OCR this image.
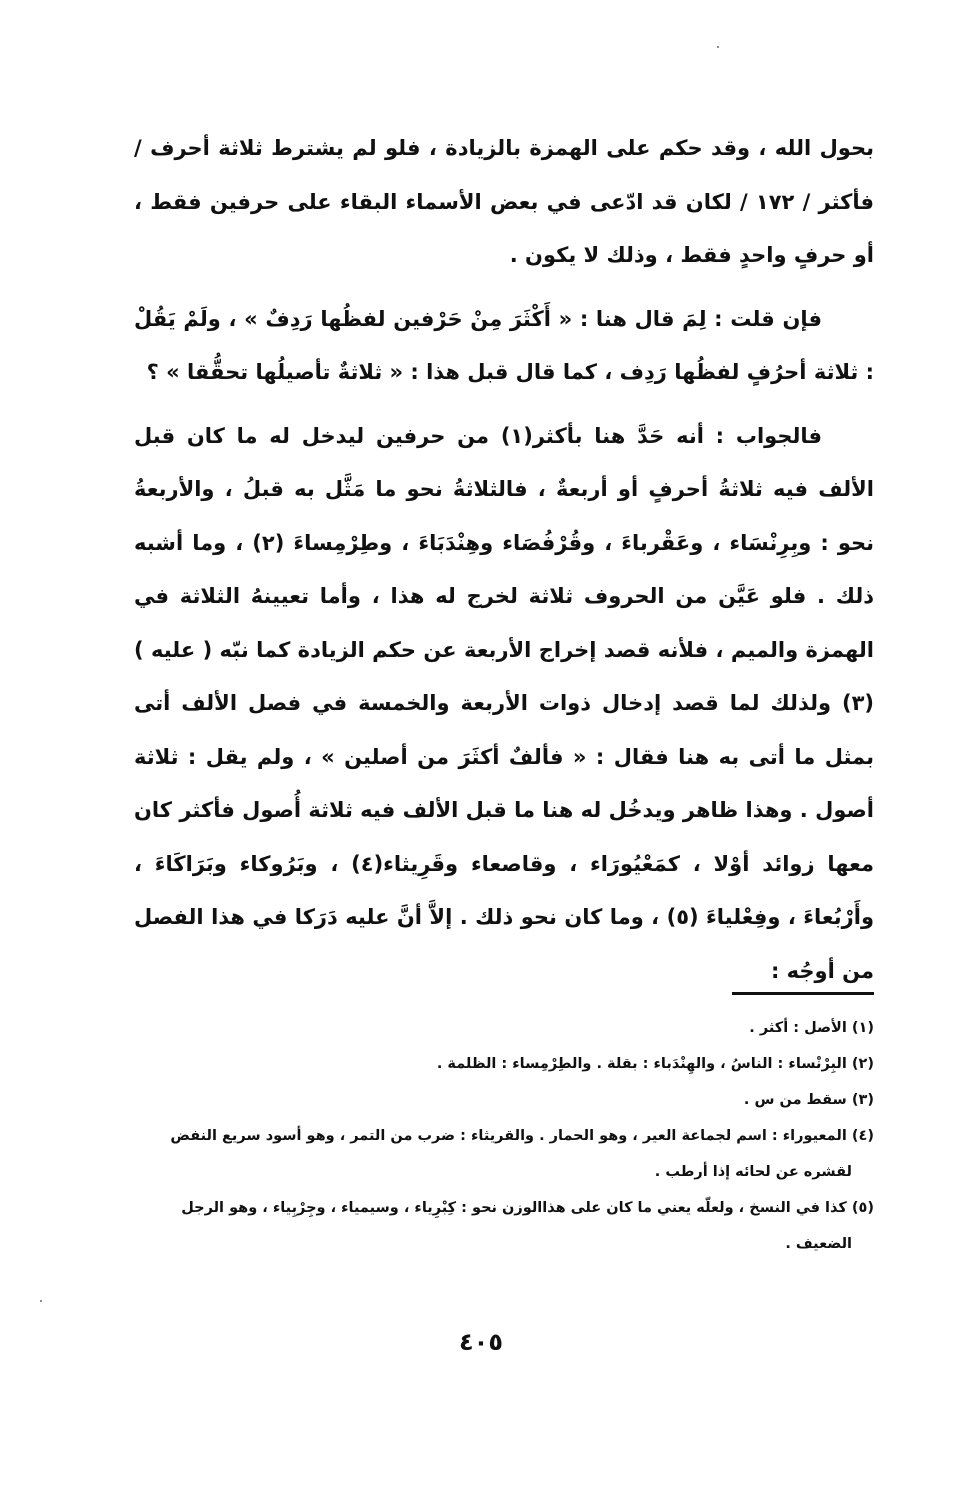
بحول الله ، وقد حكم على الهمزة بالزيادة ، فلو لم يشترط ثلاثة أحرف / فأكثر / ١٧٢ / لكان قد ادّعى في بعض الأسماء البقاء على حرفين فقط ، أو حرفٍ واحدٍ فقط ، وذلك لا يكون .

فإن قلت : لِمَ قال هنا : « أَكْثَرَ مِنْ حَرْفين لفظُها رَدِفٌ » ، ولَمْ يَقُلْ : ثلاثة أحرُفٍ لفظُها رَدِف ، كما قال قبل هذا : « ثلاثةٌ تأصيلُها تحقُّقا » ؟

فالجواب : أنه حَدَّ هنا بأكثر(١) من حرفين ليدخل له ما كان قبل الألف فيه ثلاثةُ أحرفٍ أو أربعةٌ ، فالثلاثةُ نحو ما مَثَّل به قبلُ ، والأربعةُ نحو : وبِرِنْسَاء ، وعَقْرباءَ ، وقُرْفُصَاء وهِنْدَبَاءَ ، وطِرْمِساءَ (٢) ، وما أشبه ذلك . فلو عَيَّن من الحروف ثلاثة لخرج له هذا ، وأما تعيينهُ الثلاثة في الهمزة والميم ، فلأنه قصد إخراج الأربعة عن حكم الزيادة كما نبّه ( عليه )(٣) ولذلك لما قصد إدخال ذوات الأربعة والخمسة في فصل الألف أتى بمثل ما أتى به هنا فقال : « فألفٌ أكثَرَ من أصلين » ، ولم يقل : ثلاثة أصول . وهذا ظاهر ويدخُل له هنا ما قبل الألف فيه ثلاثة أُصول فأكثر كان معها زوائد أوْلا ، كمَعْيُورَاء ، وقاصعاء وقَرِيثاء(٤) ، وبَرُوكاء وبَرَاكَاءَ ، وأَرْبُعاءَ ، وفِعْلياءَ (٥) ، وما كان نحو ذلك . إلاَّ أنَّ عليه دَرَكا في هذا الفصل من أوجُه :

(١) الأصل : أكثر .

(٢) البِرْنْساء : الناسُ ، والهِنْدَباء : بقلة . والطِرْمِساء : الظلمة .

(٣) سقط من س .

(٤) المعيوراء : اسم لجماعة العير ، وهو الحمار . والقريثاء : ضرب من التمر ، وهو أسود سريع النفض

لقشره عن لحائه إذا أرطب .

(٥) كذا في النسخ ، ولعلّه يعني ما كان على هذاالوزن نحو : كِبْرِياء ، وسيمياء ، وجِرْبِياء ، وهو الرجل

الضعيف .

٤٠٥
